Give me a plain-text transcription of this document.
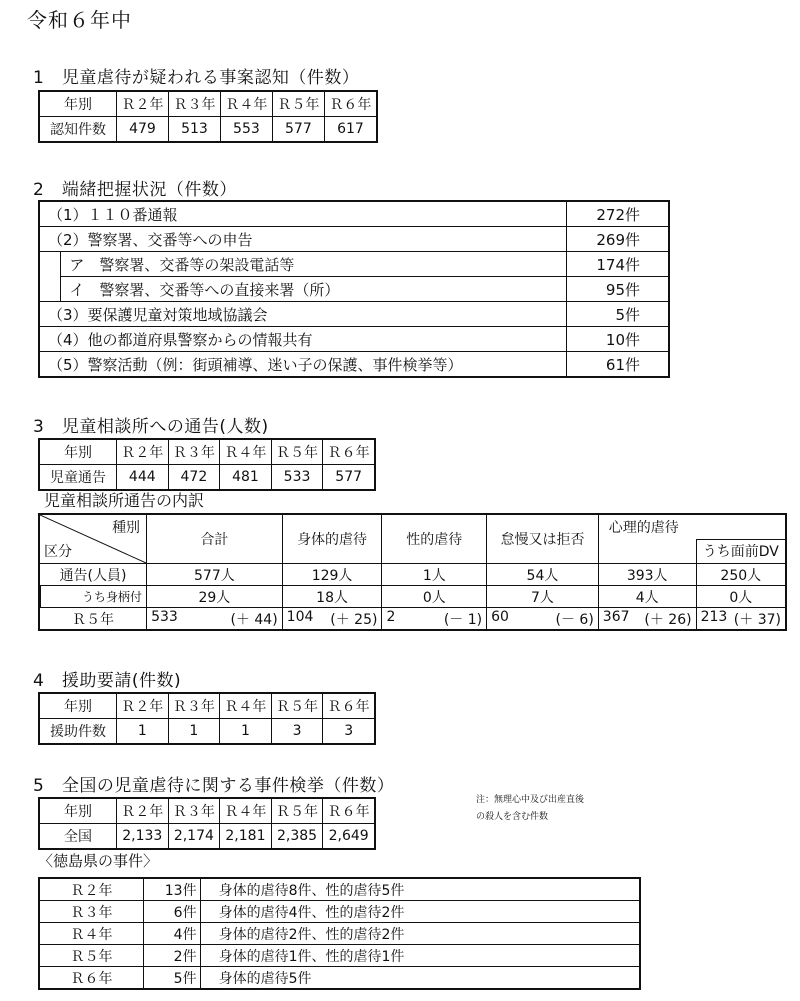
令和６年中
1　児童虐待が疑われる事案認知（件数）
年別	Ｒ２年	Ｒ３年	Ｒ４年	Ｒ５年	Ｒ６年
認知件数	479	513	553	577	617
2　端緒把握状況（件数）
（1）１１０番通報		272件
（2）警察署、交番等への申告		269件
	ア　警察署、交番等の架設電話等	174件
	イ　警察署、交番等への直接来署（所）	95件
（3）要保護児童対策地域協議会		5件
（4）他の都道府県警察からの情報共有		10件
（5）警察活動（例：街頭補導、迷い子の保護、事件検挙等）		61件
3　児童相談所への通告(人数)
年別	Ｒ２年	Ｒ３年	Ｒ４年	Ｒ５年	Ｒ６年
児童通告	444	472	481	533	577
児童相談所通告の内訳
種別
区分	合計	身体的虐待	性的虐待	怠慢又は拒否	心理的虐待	
						うち面前DV
通告(人員)	577人	129人	1人	54人	393人	250人
うち身柄付	29人	18人	0人	7人	4人	0人
Ｒ５年	533 (＋ 44)	104 (＋ 25)	2 (－ 1)	60 (－ 6)	367 (＋ 26)	213 (＋ 37)
4　援助要請(件数)
年別	Ｒ２年	Ｒ３年	Ｒ４年	Ｒ５年	Ｒ６年
援助件数	1	1	1	3	3
5　全国の児童虐待に関する事件検挙（件数）
年別	Ｒ２年	Ｒ３年	Ｒ４年	Ｒ５年	Ｒ６年
全国	2,133	2,174	2,181	2,385	2,649
注：無理心中及び出産直後の殺人を含む件数
〈徳島県の事件〉
Ｒ２年	13件	身体的虐待8件、性的虐待5件
Ｒ３年	6件	身体的虐待4件、性的虐待2件
Ｒ４年	4件	身体的虐待2件、性的虐待2件
Ｒ５年	2件	身体的虐待1件、性的虐待1件
Ｒ６年	5件	身体的虐待5件
